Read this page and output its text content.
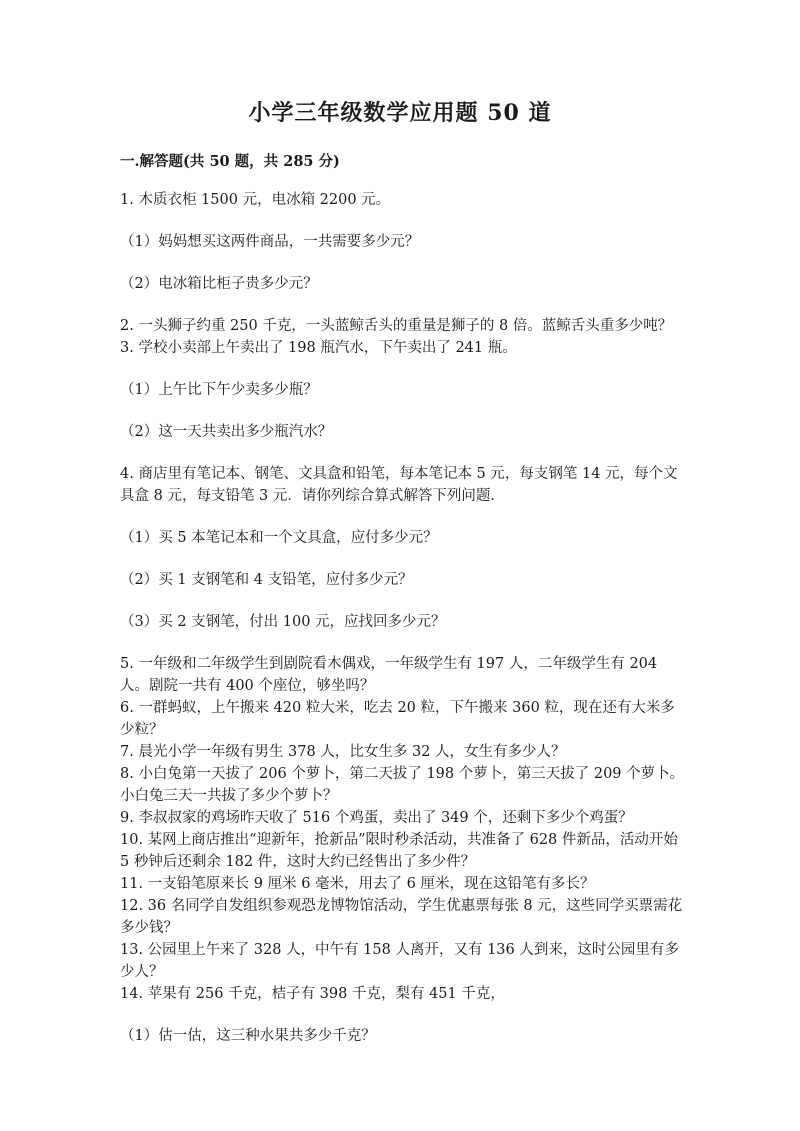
小学三年级数学应用题 50 道
一.解答题(共 50 题，共 285 分)

1. 木质衣柜 1500 元，电冰箱 2200 元。

（1）妈妈想买这两件商品，一共需要多少元？

（2）电冰箱比柜子贵多少元？

2. 一头狮子约重 250 千克，一头蓝鲸舌头的重量是狮子的 8 倍。蓝鲸舌头重多少吨？

3. 学校小卖部上午卖出了 198 瓶汽水，下午卖出了 241 瓶。

（1）上午比下午少卖多少瓶？

（2）这一天共卖出多少瓶汽水？

4. 商店里有笔记本、钢笔、文具盒和铅笔，每本笔记本 5 元，每支钢笔 14 元，每个文具盒 8 元，每支铅笔 3 元．请你列综合算式解答下列问题．

（1）买 5 本笔记本和一个文具盒，应付多少元？

（2）买 1 支钢笔和 4 支铅笔，应付多少元？

（3）买 2 支钢笔，付出 100 元，应找回多少元？

5. 一年级和二年级学生到剧院看木偶戏，一年级学生有 197 人，二年级学生有 204 人。剧院一共有 400 个座位，够坐吗？

6. 一群蚂蚁，上午搬来 420 粒大米，吃去 20 粒，下午搬来 360 粒，现在还有大米多少粒？

7. 晨光小学一年级有男生 378 人，比女生多 32 人，女生有多少人？

8. 小白兔第一天拔了 206 个萝卜，第二天拔了 198 个萝卜，第三天拔了 209 个萝卜。小白兔三天一共拔了多少个萝卜？

9. 李叔叔家的鸡场昨天收了 516 个鸡蛋，卖出了 349 个，还剩下多少个鸡蛋？

10. 某网上商店推出“迎新年，抢新品”限时秒杀活动，共准备了 628 件新品，活动开始 5 秒钟后还剩余 182 件，这时大约已经售出了多少件？

11. 一支铅笔原来长 9 厘米 6 毫米，用去了 6 厘米，现在这铅笔有多长？

12. 36 名同学自发组织参观恐龙博物馆活动，学生优惠票每张 8 元，这些同学买票需花多少钱？

13. 公园里上午来了 328 人，中午有 158 人离开，又有 136 人到来，这时公园里有多少人？

14. 苹果有 256 千克，桔子有 398 千克，梨有 451 千克，

（1）估一估，这三种水果共多少千克？
